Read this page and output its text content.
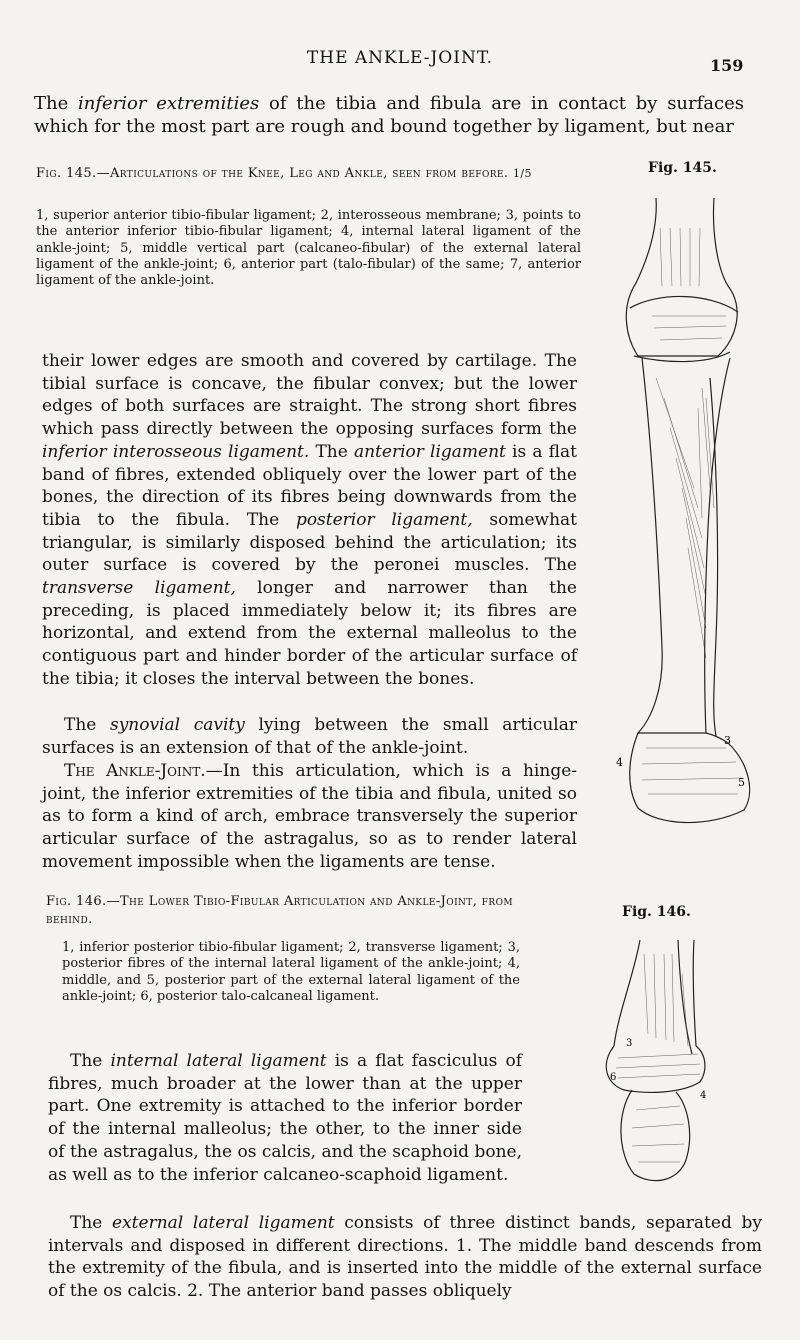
THE ANKLE-JOINT.	159

The inferior extremities of the tibia and fibula are in contact by surfaces which for the most part are rough and bound together by ligament, but near

Fig. 145.

Fig. 145.—Articulations of the Knee, Leg and Ankle, seen from before. 1/5

1, superior anterior tibio-fibular ligament; 2, interosseous membrane; 3, points to the anterior inferior tibio-fibular ligament; 4, internal lateral ligament of the ankle-joint; 5, middle vertical part (calcaneo-fibular) of the external lateral ligament of the ankle-joint; 6, anterior part (talo-fibular) of the same; 7, anterior ligament of the ankle-joint.

4
3
5

their lower edges are smooth and covered by cartilage. The tibial surface is concave, the fibular convex; but the lower edges of both surfaces are straight. The strong short fibres which pass directly between the opposing surfaces form the inferior interosseous ligament. The anterior ligament is a flat band of fibres, extended obliquely over the lower part of the bones, the direction of its fibres being downwards from the tibia to the fibula. The posterior ligament, somewhat triangular, is similarly disposed behind the articulation; its outer surface is covered by the peronei muscles. The transverse ligament, longer and narrower than the preceding, is placed immediately below it; its fibres are horizontal, and extend from the external malleolus to the contiguous part and hinder border of the articular surface of the tibia; it closes the interval between the bones.

The synovial cavity lying between the small articular surfaces is an extension of that of the ankle-joint.

The Ankle-Joint.—In this articulation, which is a hinge-joint, the inferior extremities of the tibia and fibula, united so as to form a kind of arch, embrace transversely the superior articular surface of the astragalus, so as to render lateral movement impossible when the ligaments are tense.

Fig. 146.

Fig. 146.—The Lower Tibio-Fibular Articulation and Ankle-Joint, from behind.

1, inferior posterior tibio-fibular ligament; 2, transverse ligament; 3, posterior fibres of the internal lateral ligament of the ankle-joint; 4, middle, and 5, posterior part of the external lateral ligament of the ankle-joint; 6, posterior talo-calcaneal ligament.

3
4
6

The internal lateral ligament is a flat fasciculus of fibres, much broader at the lower than at the upper part. One extremity is attached to the inferior border of the internal malleolus; the other, to the inner side of the astragalus, the os calcis, and the scaphoid bone, as well as to the inferior calcaneo-scaphoid ligament.

The external lateral ligament consists of three distinct bands, separated by intervals and disposed in different directions. 1. The middle band descends from the extremity of the fibula, and is inserted into the middle of the external surface of the os calcis. 2. The anterior band passes obliquely
